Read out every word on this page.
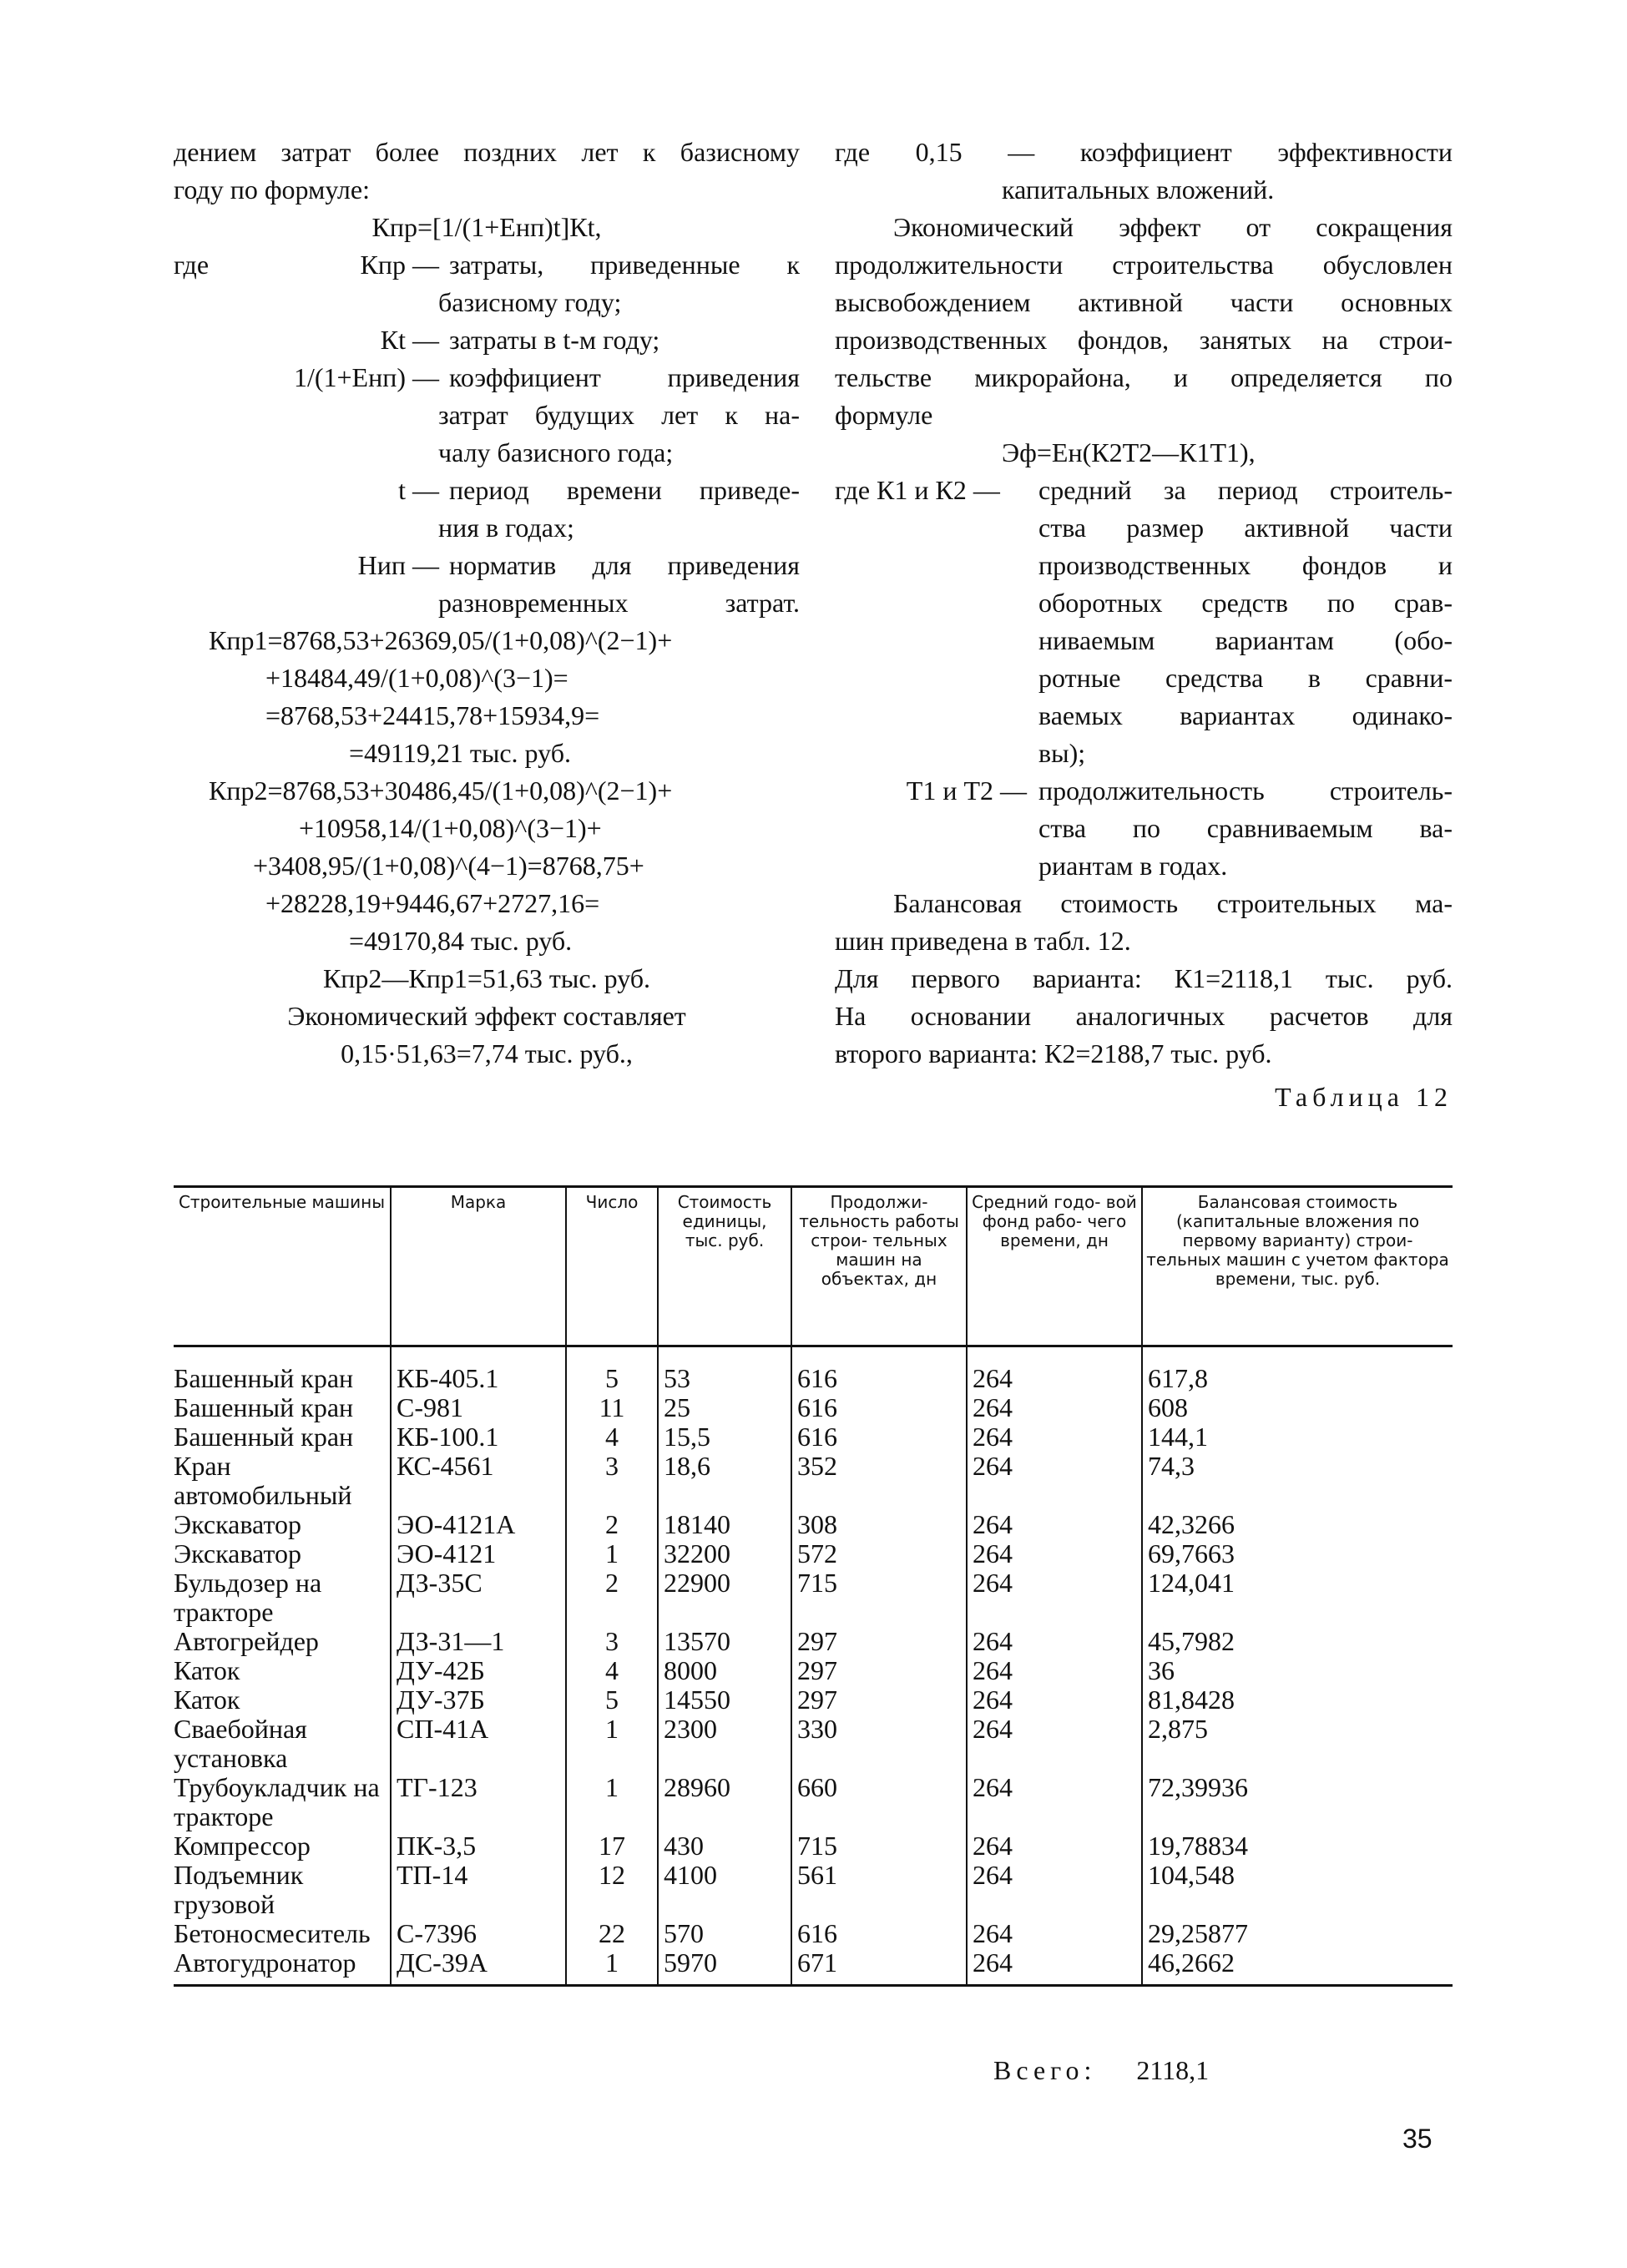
дением затрат более поздних лет к базисному
году по формуле:
Кпр=[1/(1+Енп)t]Кt,
где	Кпр — затраты, приведенные к
базисному году;
Кt — затраты в t-м году;
1/(1+Енп) — коэффициент приведения
затрат будущих лет к на-
чалу базисного года;
t — период времени приведе-
ния в годах;
Нип — норматив для приведения
разновременных затрат.
Кпр1=8768,53+26369,05/(1+0,08)^(2−1)+
+18484,49/(1+0,08)^(3−1)=
=8768,53+24415,78+15934,9=
=49119,21 тыс. руб.
Кпр2=8768,53+30486,45/(1+0,08)^(2−1)+
+10958,14/(1+0,08)^(3−1)+
+3408,95/(1+0,08)^(4−1)=8768,75+
+28228,19+9446,67+2727,16=
=49170,84 тыс. руб.
Кпр2—Кпр1=51,63 тыс. руб.
Экономический эффект составляет
0,15·51,63=7,74 тыс. руб.,
где 0,15 — коэффициент эффективности
капитальных вложений.
Экономический эффект от сокращения
продолжительности строительства обусловлен
высвобождением активной части основных
производственных фондов, занятых на строи-
тельстве микрорайона, и определяется по
формуле
Эф=Ен(К2Т2—К1Т1),
где К1 и К2 —	средний за период строитель-
ства размер активной части
производственных фондов и
оборотных средств по срав-
ниваемым вариантам (обо-
ротные средства в сравни-
ваемых вариантах одинако-
вы);
Т1 и Т2 — продолжительность строитель-
ства по сравниваемым ва-
риантам в годах.
Балансовая стоимость строительных ма-
шин приведена в табл. 12.
Для первого варианта: К1=2118,1 тыс. руб.
На основании аналогичных расчетов для
второго варианта: К2=2188,7 тыс. руб.
Таблица 12
Строительные машины	Марка	Число	Стоимость единицы, тыс. руб.	Продолжи- тельность работы строи- тельных машин на объектах, дн	Средний годо- вой фонд рабо- чего времени, дн	Балансовая стоимость (капитальные вложения по первому варианту) строи- тельных машин с учетом фактора времени, тыс. руб.
Башенный кран	КБ-405.1	5	53	616	264	617,8
Башенный кран	С-981	11	25	616	264	608
Башенный кран	КБ-100.1	4	15,5	616	264	144,1
Кран автомобильный	КС-4561	3	18,6	352	264	74,3
Экскаватор	ЭО-4121А	2	18140	308	264	42,3266
Экскаватор	ЭО-4121	1	32200	572	264	69,7663
Бульдозер на тракторе	ДЗ-35С	2	22900	715	264	124,041
Автогрейдер	ДЗ-31—1	3	13570	297	264	45,7982
Каток	ДУ-42Б	4	8000	297	264	36
Каток	ДУ-37Б	5	14550	297	264	81,8428
Сваебойная установка	СП-41А	1	2300	330	264	2,875
Трубоукладчик на тракторе	ТГ-123	1	28960	660	264	72,39936
Компрессор	ПК-3,5	17	430	715	264	19,78834
Подъемник грузовой	ТП-14	12	4100	561	264	104,548
Бетоносмеситель	С-7396	22	570	616	264	29,25877
Автогудронатор	ДС-39А	1	5970	671	264	46,2662
Всего: 2118,1
35
